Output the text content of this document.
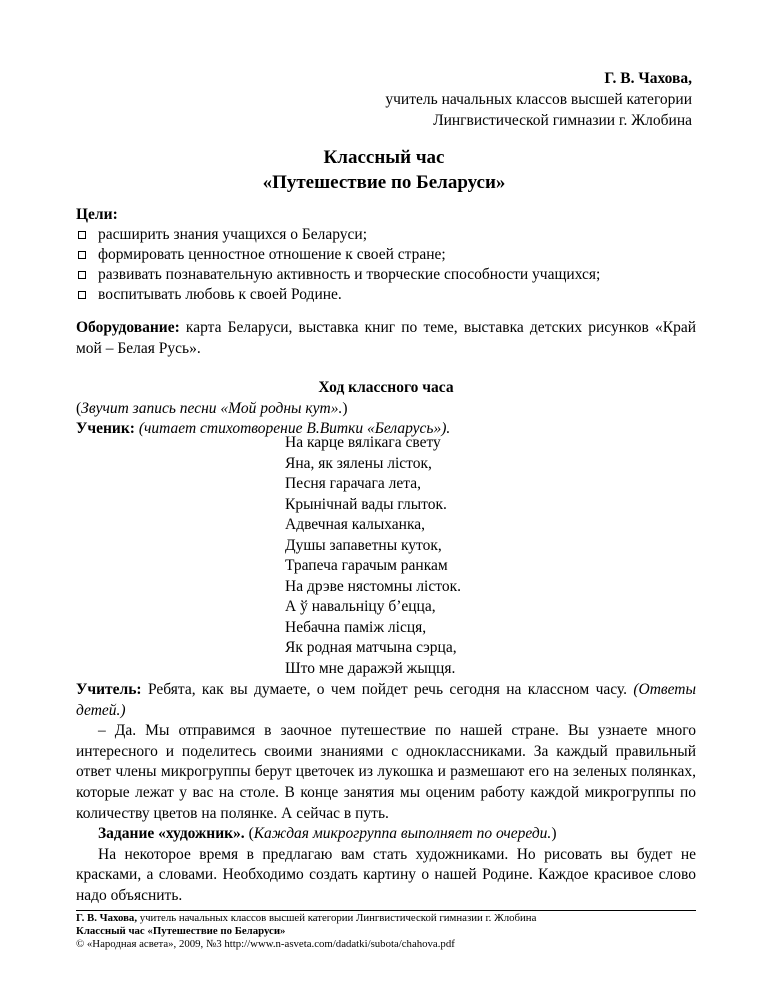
Г. В. Чахова,
учитель начальных классов высшей категории
Лингвистической гимназии г. Жлобина
Классный час
«Путешествие по Беларуси»
Цели:
расширить знания учащихся о Беларуси;
формировать ценностное отношение к своей стране;
развивать познавательную активность и творческие способности учащихся;
воспитывать любовь к своей Родине.
Оборудование: карта Беларуси, выставка книг по теме, выставка детских рисунков «Край мой – Белая Русь».
Ход классного часа
(Звучит запись песни «Мой родны кут».)
Ученик: (читает стихотворение В.Витки «Беларусь»).
На карце вялікага свету
Яна, як зялены лісток,
Песня гарачага лета,
Крынічнай вады глыток.
Адвечная калыханка,
Душы запаветны куток,
Трапеча гарачым ранкам
На дрэве нястомны лісток.
А ў навальніцу б’ецца,
Небачна паміж лісця,
Як родная матчына сэрца,
Што мне даражэй жыцця.
Учитель: Ребята, как вы думаете, о чем пойдет речь сегодня на классном часу. (Ответы детей.)
– Да. Мы отправимся в заочное путешествие по нашей стране. Вы узнаете много интересного и поделитесь своими знаниями с одноклассниками. За каждый правильный ответ члены микрогруппы берут цветочек из лукошка и размешают его на зеленых полянках, которые лежат у вас на столе. В конце занятия мы оценим работу каждой микрогруппы по количеству цветов на полянке. А сейчас в путь.
Задание «художник». (Каждая микрогруппа выполняет по очереди.)
На некоторое время в предлагаю вам стать художниками. Но рисовать вы будет не красками, а словами. Необходимо создать картину о нашей Родине. Каждое красивое слово надо объяснить.
Г. В. Чахова, учитель начальных классов высшей категории Лингвистической гимназии г. Жлобина
Классный час «Путешествие по Беларуси»
© «Народная асвета», 2009, №3 http://www.n-asveta.com/dadatki/subota/chahova.pdf
